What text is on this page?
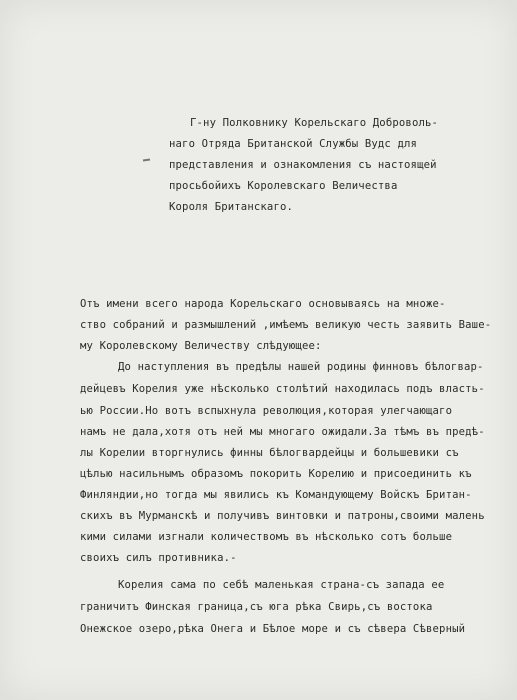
Г-ну Полковнику Корельскаго Доброволь-
наго Отряда Британской Службы Вудс для
представления и ознакомления съ настоящей
просьбойихъ Королевскаго Величества
Короля Британскаго.
Отъ имени всего народа Корельскаго основываясь на множе-
ство собраний и размышлений ,имѣемъ великую честь заявить Вашe-
му Королевскому Величеству слѣдующее:
До наступления въ предѣлы нашей родины финновъ бѣлогвар-
дейцевъ Корелия уже нѣсколько столѣтий находилась подъ власть-
ью России.Но вотъ вспыхнула революция,которая улегчающаго
намъ не дала,хотя отъ ней мы многаго ожидали.За тѣмъ въ предѣ-
лы Корелии вторгнулись финны бѣлогвардейцы и большевики съ
цѣлью насильнымъ образомъ покорить Корелию и присоединить къ
Финляндии,но тогда мы явились къ Командующему Войскъ Британ-
скихъ въ Мурманскѣ и получивъ винтовки и патроны,своими малень
кими силами изгнали количествомъ въ нѣсколько сотъ больше
своихъ силъ противника.-
Корелия сама по себѣ маленькая страна-съ запада ее
граничитъ Финская граница,съ юга рѣка Свирь,съ востока
Онежское озеро,рѣка Онега и Бѣлое море и съ сѣвера Сѣверный
